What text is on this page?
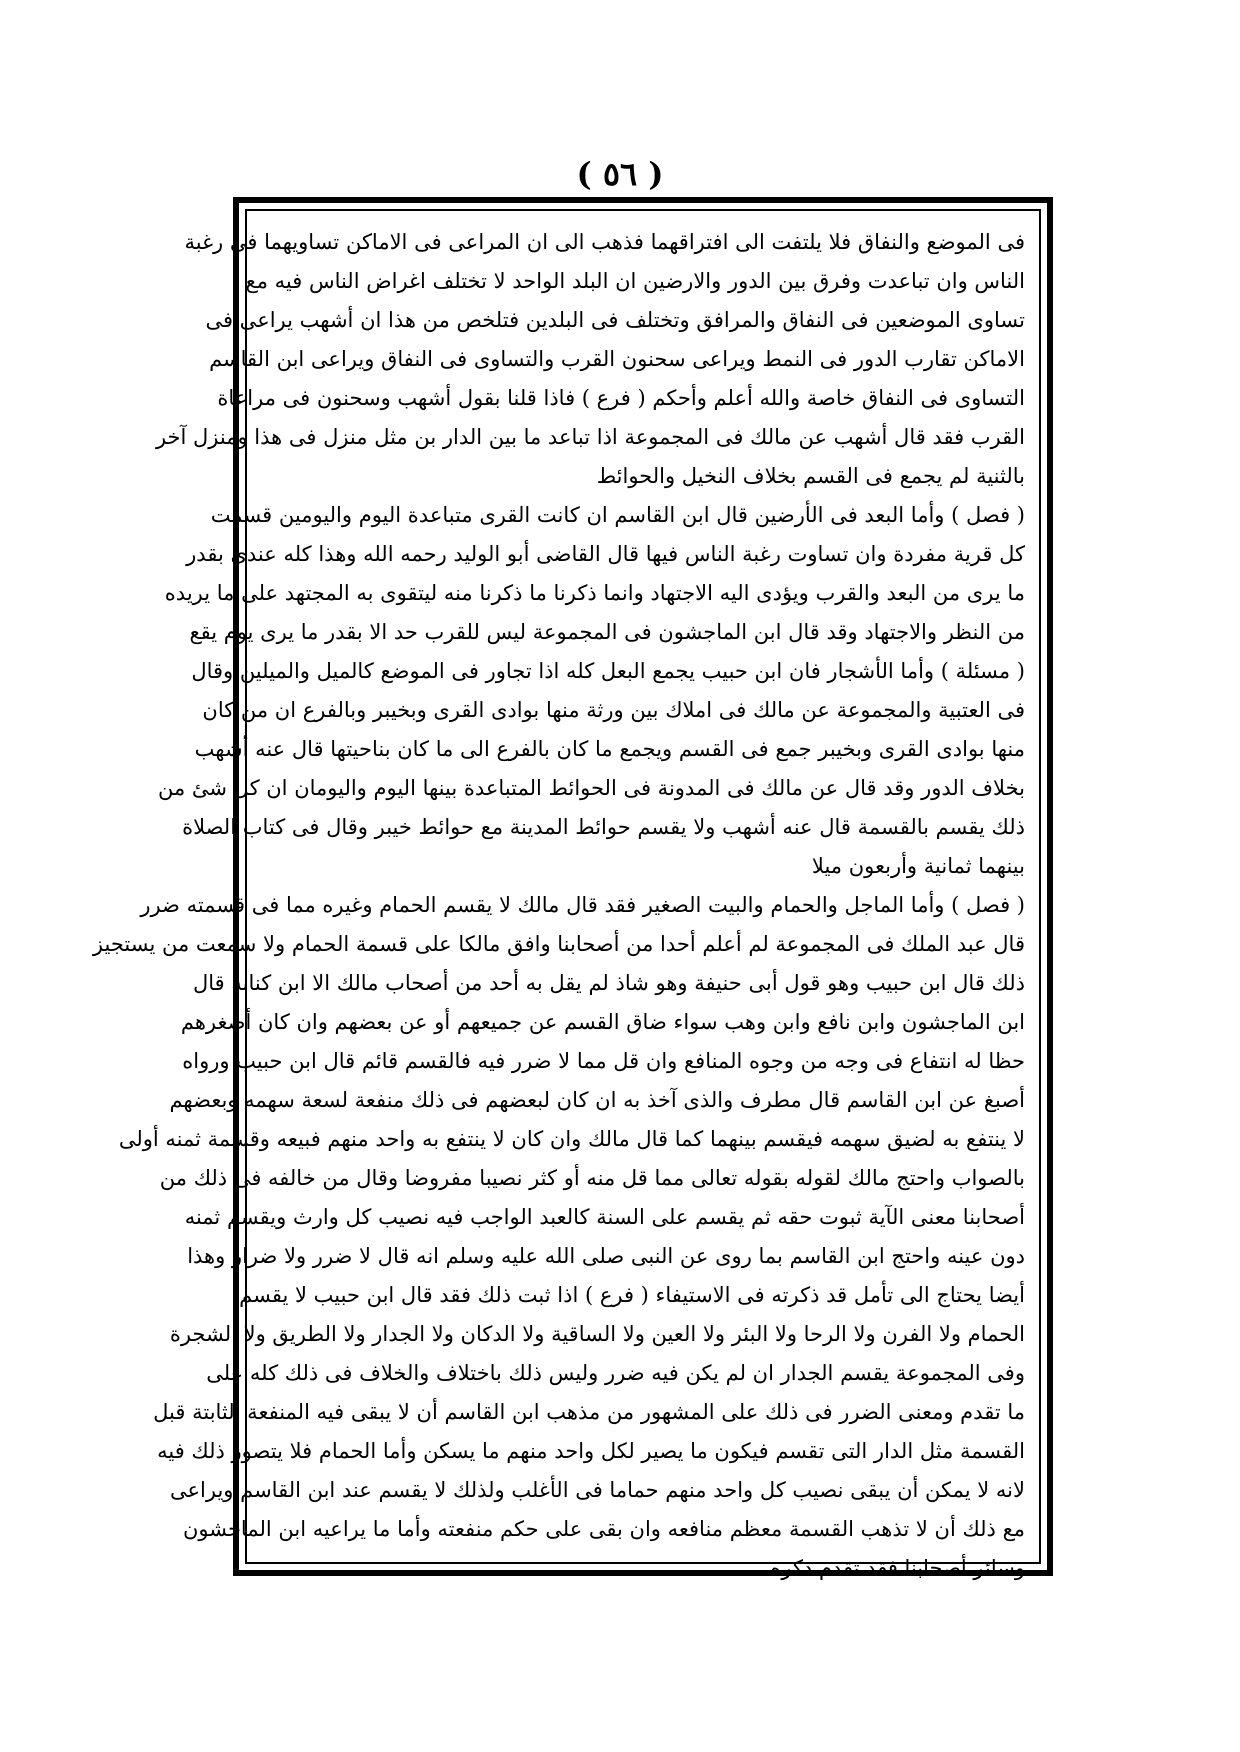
( ٥٦ )
فى الموضع والنفاق فلا يلتفت الى افتراقهما فذهب الى ان المراعى فى الاماكن تساويهما فى رغبة
الناس وان تباعدت وفرق بين الدور والارضين ان البلد الواحد لا تختلف اغراض الناس فيه مع
تساوى الموضعين فى النفاق والمرافق وتختلف فى البلدين فتلخص من هذا ان أشهب يراعى فى
الاماكن تقارب الدور فى النمط ويراعى سحنون القرب والتساوى فى النفاق ويراعى ابن القاسم
التساوى فى النفاق خاصة والله أعلم وأحكم ( فرع ) فاذا قلنا بقول أشهب وسحنون فى مراعاة
القرب فقد قال أشهب عن مالك فى المجموعة اذا تباعد ما بين الدار بن مثل منزل فى هذا ومنزل آخر
بالثنية لم يجمع فى القسم بخلاف النخيل والحوائط
( فصل ) وأما البعد فى الأرضين قال ابن القاسم ان كانت القرى متباعدة اليوم واليومين قسمت
كل قرية مفردة وان تساوت رغبة الناس فيها قال القاضى أبو الوليد رحمه الله وهذا كله عندى بقدر
ما يرى من البعد والقرب ويؤدى اليه الاجتهاد وانما ذكرنا ما ذكرنا منه ليتقوى به المجتهد على ما يريده
من النظر والاجتهاد وقد قال ابن الماجشون فى المجموعة ليس للقرب حد الا بقدر ما يرى يوم يقع
( مسئلة ) وأما الأشجار فان ابن حبيب يجمع البعل كله اذا تجاور فى الموضع كالميل والميلين وقال
فى العتبية والمجموعة عن مالك فى املاك بين ورثة منها بوادى القرى وبخيبر وبالفرع ان من كان
منها بوادى القرى وبخيبر جمع فى القسم ويجمع ما كان بالفرع الى ما كان بناحيتها قال عنه أشهب
بخلاف الدور وقد قال عن مالك فى المدونة فى الحوائط المتباعدة بينها اليوم واليومان ان كل شئ من
ذلك يقسم بالقسمة قال عنه أشهب ولا يقسم حوائط المدينة مع حوائط خيبر وقال فى كتاب الصلاة
بينهما ثمانية وأربعون ميلا
( فصل ) وأما الماجل والحمام والبيت الصغير فقد قال مالك لا يقسم الحمام وغيره مما فى قسمته ضرر
قال عبد الملك فى المجموعة لم أعلم أحدا من أصحابنا وافق مالكا على قسمة الحمام ولا سمعت من يستجيز
ذلك قال ابن حبيب وهو قول أبى حنيفة وهو شاذ لم يقل به أحد من أصحاب مالك الا ابن كنانة قال
ابن الماجشون وابن نافع وابن وهب سواء ضاق القسم عن جميعهم أو عن بعضهم وان كان أصغرهم
حظا له انتفاع فى وجه من وجوه المنافع وان قل مما لا ضرر فيه فالقسم قائم قال ابن حبيب ورواه
أصبغ عن ابن القاسم قال مطرف والذى آخذ به ان كان لبعضهم فى ذلك منفعة لسعة سهمه وبعضهم
لا ينتفع به لضيق سهمه فيقسم بينهما كما قال مالك وان كان لا ينتفع به واحد منهم فبيعه وقسمة ثمنه أولى
بالصواب واحتج مالك لقوله بقوله تعالى مما قل منه أو كثر نصيبا مفروضا وقال من خالفه فى ذلك من
أصحابنا معنى الآية ثبوت حقه ثم يقسم على السنة كالعبد الواجب فيه نصيب كل وارث ويقسم ثمنه
دون عينه واحتج ابن القاسم بما روى عن النبى صلى الله عليه وسلم انه قال لا ضرر ولا ضرار وهذا
أيضا يحتاج الى تأمل قد ذكرته فى الاستيفاء ( فرع ) اذا ثبت ذلك فقد قال ابن حبيب لا يقسم
الحمام ولا الفرن ولا الرحا ولا البئر ولا العين ولا الساقية ولا الدكان ولا الجدار ولا الطريق ولا الشجرة
وفى المجموعة يقسم الجدار ان لم يكن فيه ضرر وليس ذلك باختلاف والخلاف فى ذلك كله على
ما تقدم ومعنى الضرر فى ذلك على المشهور من مذهب ابن القاسم أن لا يبقى فيه المنفعة الثابتة قبل
القسمة مثل الدار التى تقسم فيكون ما يصير لكل واحد منهم ما يسكن وأما الحمام فلا يتصور ذلك فيه
لانه لا يمكن أن يبقى نصيب كل واحد منهم حماما فى الأغلب ولذلك لا يقسم عند ابن القاسم ويراعى
مع ذلك أن لا تذهب القسمة معظم منافعه وان بقى على حكم منفعته وأما ما يراعيه ابن الماجشون
وسائر أصحابنا فقد تقدم ذكره
